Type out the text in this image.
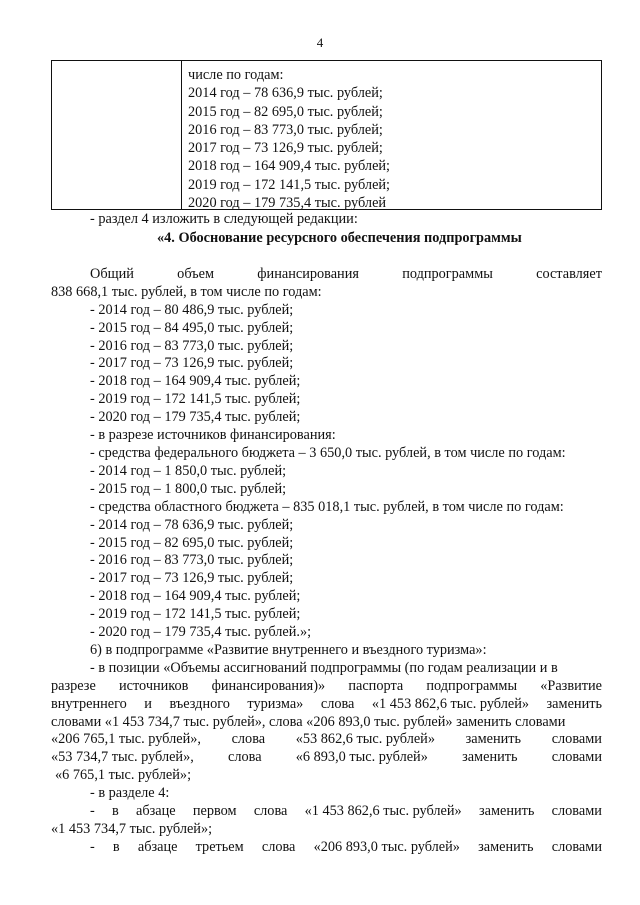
4
числе по годам:
2014 год – 78 636,9 тыс. рублей;
2015 год – 82 695,0 тыс. рублей;
2016 год – 83 773,0 тыс. рублей;
2017 год – 73 126,9 тыс. рублей;
2018 год – 164 909,4 тыс. рублей;
2019 год – 172 141,5 тыс. рублей;
2020 год – 179 735,4 тыс. рублей
- раздел 4 изложить в следующей редакции:
«4. Обоснование ресурсного обеспечения подпрограммы
Общий	объем	финансирования	подпрограммы	составляет
838 668,1 тыс. рублей, в том числе по годам:
- 2014 год – 80 486,9 тыс. рублей;
- 2015 год – 84 495,0 тыс. рублей;
- 2016 год – 83 773,0 тыс. рублей;
- 2017 год – 73 126,9 тыс. рублей;
- 2018 год – 164 909,4 тыс. рублей;
- 2019 год – 172 141,5 тыс. рублей;
- 2020 год – 179 735,4 тыс. рублей;
- в разрезе источников финансирования:
- средства федерального бюджета – 3 650,0 тыс. рублей, в том числе по годам:
- 2014 год – 1 850,0 тыс. рублей;
- 2015 год – 1 800,0 тыс. рублей;
- средства областного бюджета – 835 018,1 тыс. рублей, в том числе по годам:
- 2014 год – 78 636,9 тыс. рублей;
- 2015 год – 82 695,0 тыс. рублей;
- 2016 год – 83 773,0 тыс. рублей;
- 2017 год – 73 126,9 тыс. рублей;
- 2018 год – 164 909,4 тыс. рублей;
- 2019 год – 172 141,5 тыс. рублей;
- 2020 год – 179 735,4 тыс. рублей.»;
6) в подпрограмме «Развитие внутреннего и въездного туризма»:
- в позиции «Объемы ассигнований подпрограммы (по годам реализации и в
разрезе источников финансирования)» паспорта подпрограммы «Развитие
внутреннего и въездного туризма» слова «1 453 862,6 тыс. рублей» заменить
словами «1 453 734,7 тыс. рублей», слова «206 893,0 тыс. рублей» заменить словами
«206 765,1 тыс. рублей», слова «53 862,6 тыс. рублей» заменить словами
«53 734,7 тыс. рублей», слова «6 893,0 тыс. рублей» заменить словами
«6 765,1 тыс. рублей»;
- в разделе 4:
- в абзаце первом слова «1 453 862,6 тыс. рублей» заменить словами
«1 453 734,7 тыс. рублей»;
- в абзаце третьем слова «206 893,0 тыс. рублей» заменить словами
